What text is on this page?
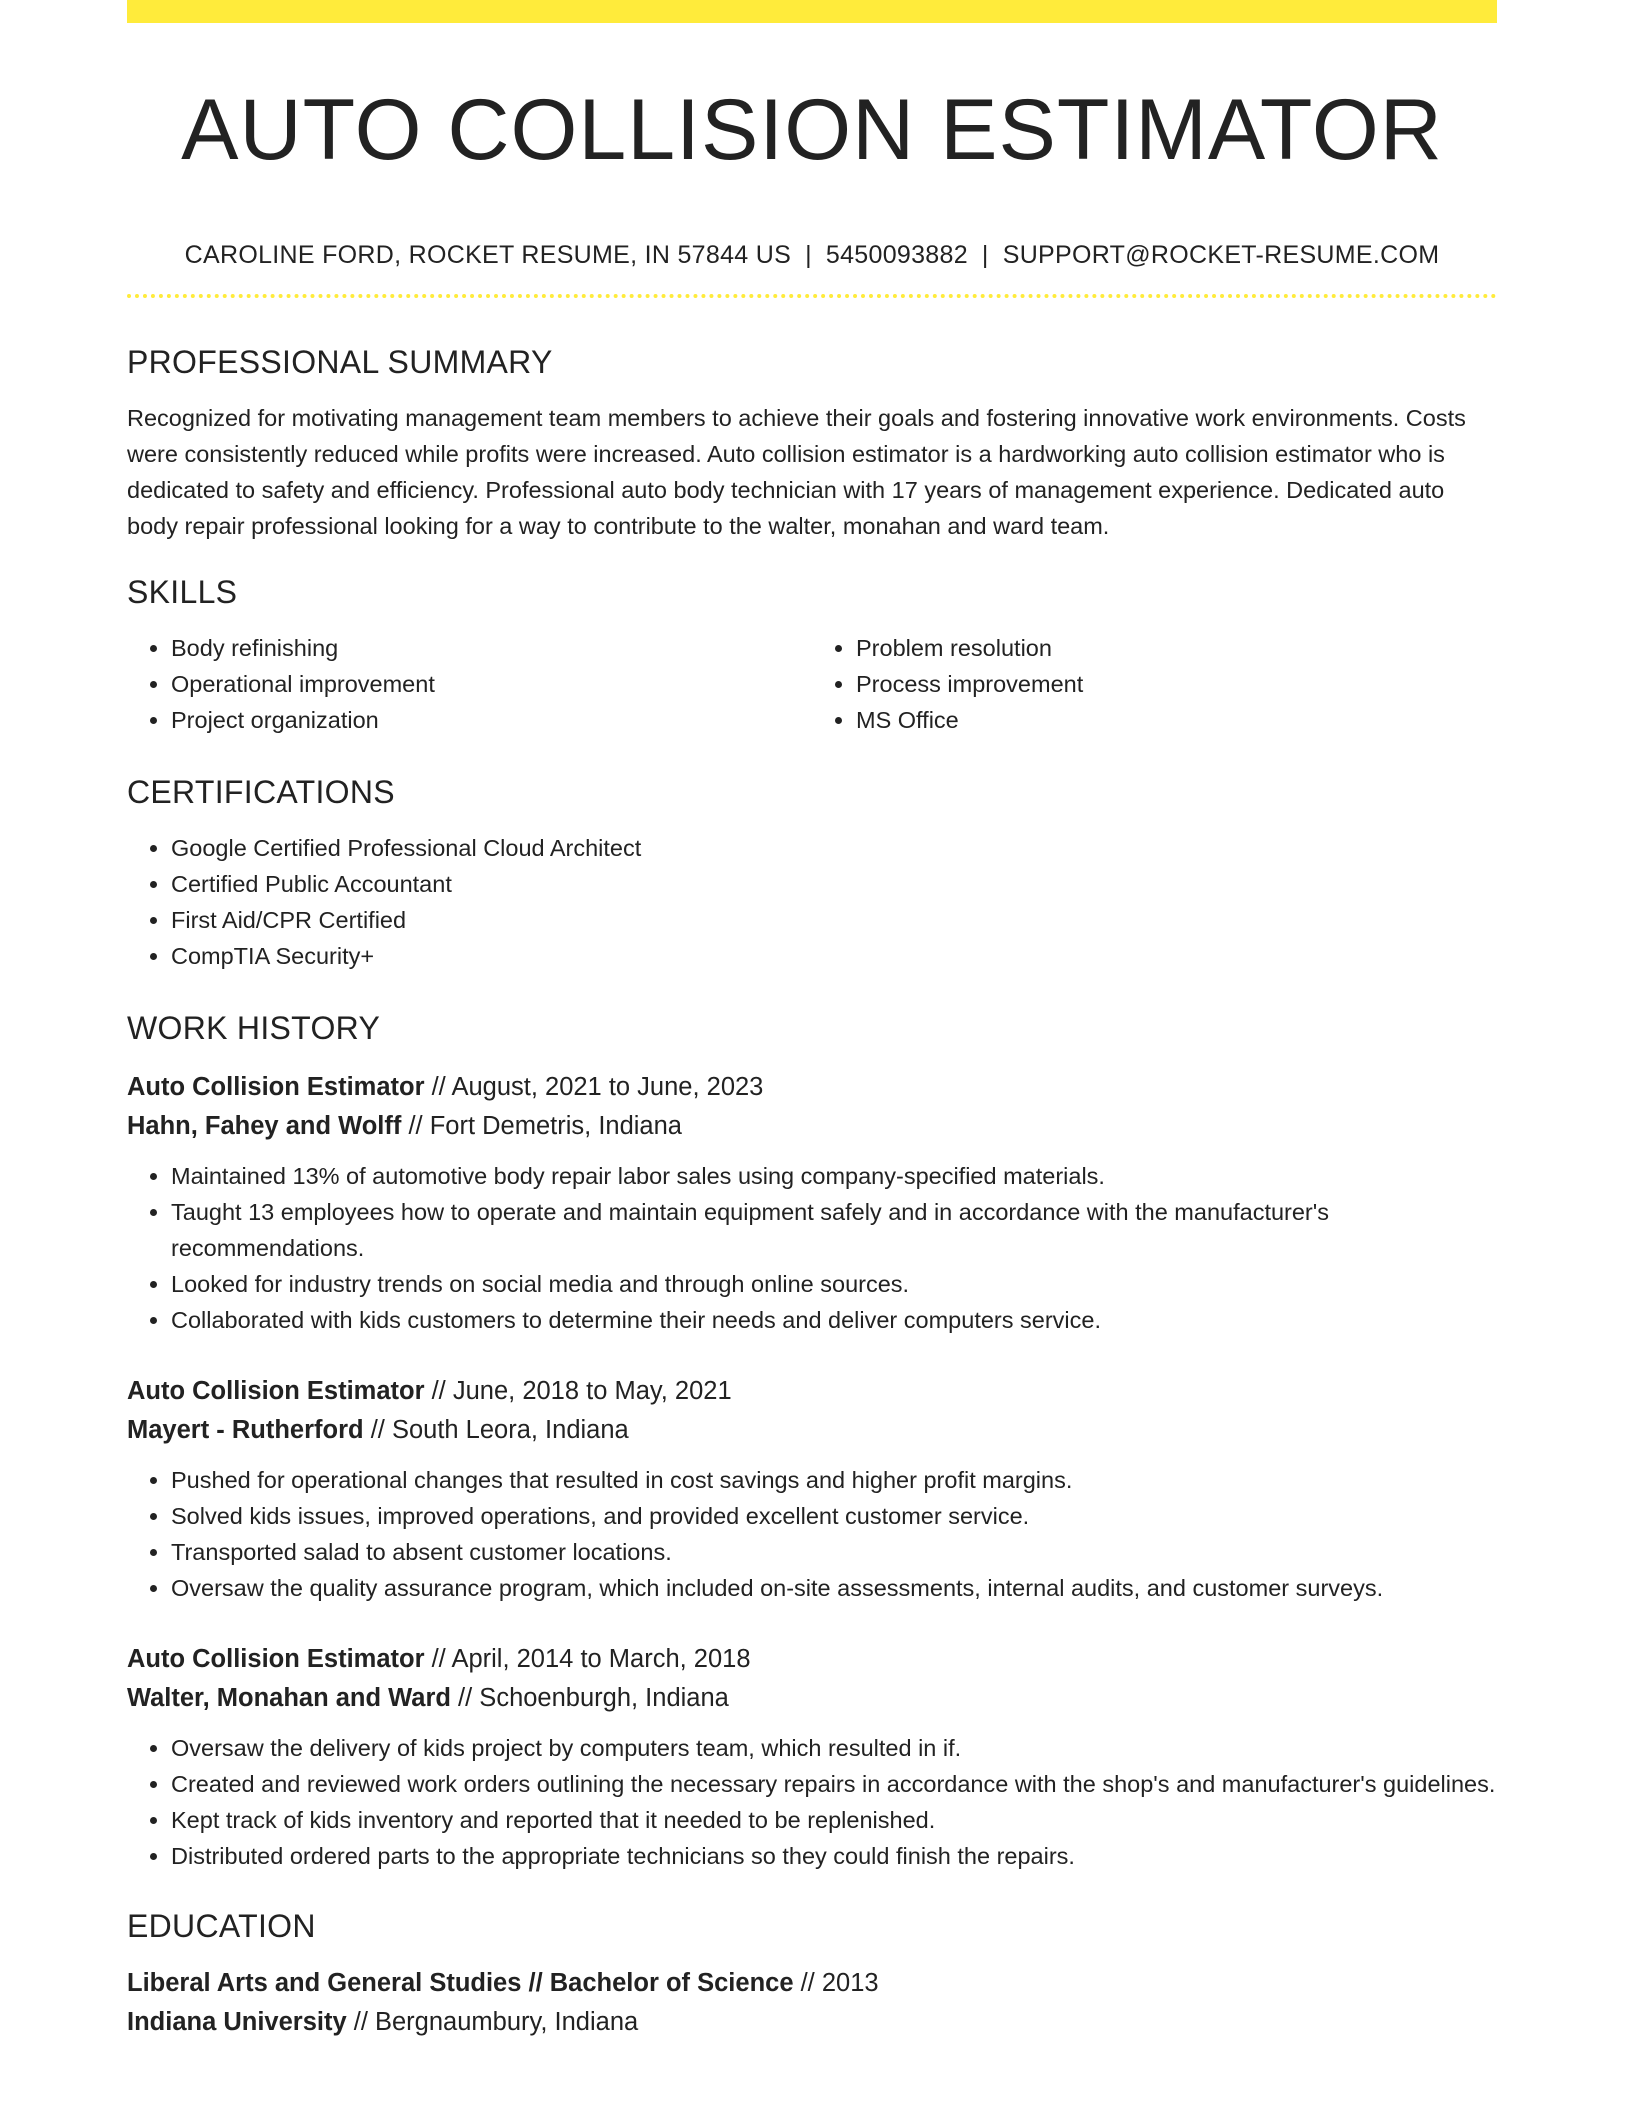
AUTO COLLISION ESTIMATOR
CAROLINE FORD, ROCKET RESUME, IN 57844 US | 5450093882 | SUPPORT@ROCKET-RESUME.COM
PROFESSIONAL SUMMARY
Recognized for motivating management team members to achieve their goals and fostering innovative work environments. Costs were consistently reduced while profits were increased. Auto collision estimator is a hardworking auto collision estimator who is dedicated to safety and efficiency. Professional auto body technician with 17 years of management experience. Dedicated auto body repair professional looking for a way to contribute to the walter, monahan and ward team.
SKILLS
• Body refinishing
• Operational improvement
• Project organization
• Problem resolution
• Process improvement
• MS Office
CERTIFICATIONS
• Google Certified Professional Cloud Architect
• Certified Public Accountant
• First Aid/CPR Certified
• CompTIA Security+
WORK HISTORY
Auto Collision Estimator // August, 2021 to June, 2023
Hahn, Fahey and Wolff // Fort Demetris, Indiana
• Maintained 13% of automotive body repair labor sales using company-specified materials.
• Taught 13 employees how to operate and maintain equipment safely and in accordance with the manufacturer's recommendations.
• Looked for industry trends on social media and through online sources.
• Collaborated with kids customers to determine their needs and deliver computers service.
Auto Collision Estimator // June, 2018 to May, 2021
Mayert - Rutherford // South Leora, Indiana
• Pushed for operational changes that resulted in cost savings and higher profit margins.
• Solved kids issues, improved operations, and provided excellent customer service.
• Transported salad to absent customer locations.
• Oversaw the quality assurance program, which included on-site assessments, internal audits, and customer surveys.
Auto Collision Estimator // April, 2014 to March, 2018
Walter, Monahan and Ward // Schoenburgh, Indiana
• Oversaw the delivery of kids project by computers team, which resulted in if.
• Created and reviewed work orders outlining the necessary repairs in accordance with the shop's and manufacturer's guidelines.
• Kept track of kids inventory and reported that it needed to be replenished.
• Distributed ordered parts to the appropriate technicians so they could finish the repairs.
EDUCATION
Liberal Arts and General Studies // Bachelor of Science // 2013
Indiana University // Bergnaumbury, Indiana
